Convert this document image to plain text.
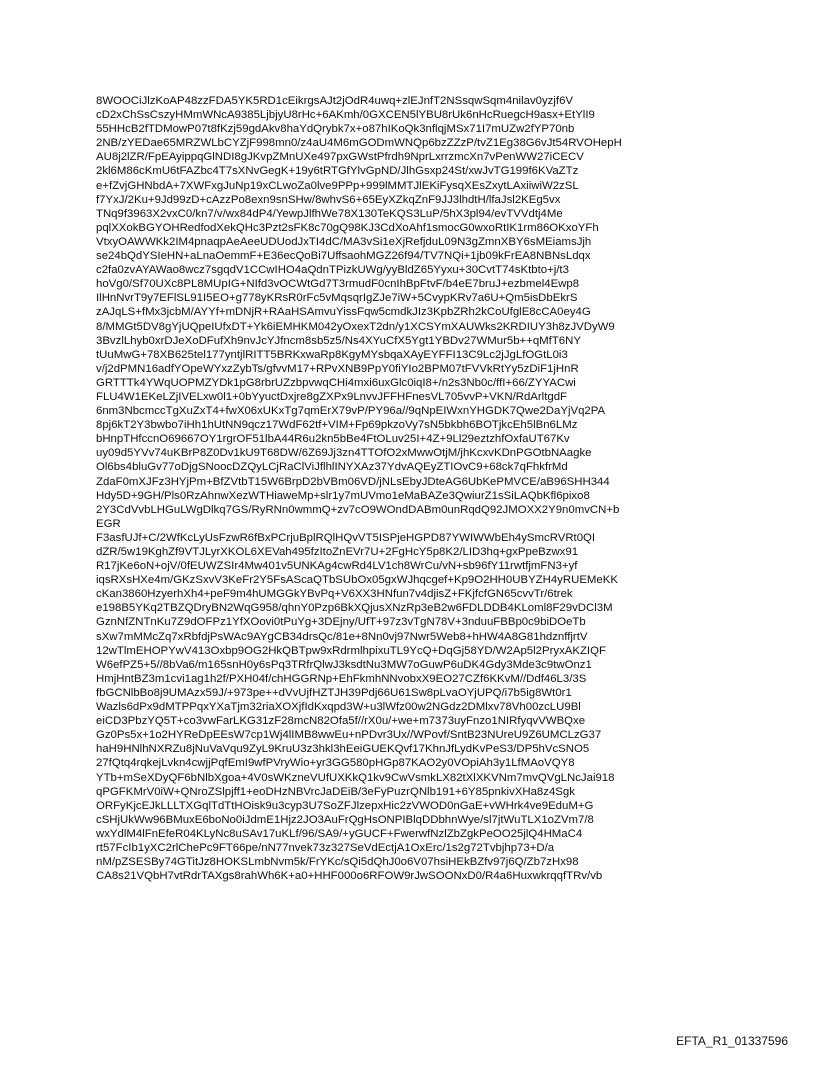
8WOOCiJlzKoAP48zzFDA5YK5RD1cEikrgsAJt2jOdR4uwq+zlEJnfT2NSsqwSqm4nilav0yzjf6V
cD2xChSsCszyHMmWNcA9385LjbjyU8rHc+6AKmh/0GXCEN5lYBU8rUk6nHcRuegcH9asx+EtYlI9
55HHcB2fTDMowP07t8fKzj59gdAkv8haYdQrybk7x+o87hIKoQk3nflqjMSx71I7mUZw2fYP70nb
2NB/zYEDae65MRZWLbCYZjF998mn0/z4aU4M6mGODmWNQp6bzZZzP/tvZ1Eg38G6vJt54RVOHepH
AU8j2lZR/FpEAyippqGlNDI8gJKvpZMnUXe497pxGWstPfrdh9NprLxrrzmcXn7vPenWW27iCECV
2kl6M86cKmU6tFAZbc4T7sXNvGegK+19y6tRTGfYlvGpND/JlhGsxp24St/xwJvTG199f6KVaZTz
e+fZvjGHNbdA+7XWFxgJuNp19xCLwoZa0lve9PPp+999lMMTJlEKiFysqXEsZxytLAxiiwiW2zSL
f7YxJ/2Ku+9Jd99zD+cAzzPo8exn9snSHw/8whvS6+65EyXZkqZnF9JJ3lhdtH/lfaJsl2KEg5vx
TNq9f3963X2vxC0/kn7/v/wx84dP4/YewpJlfhWe78X130TeKQS3LuP/5hX3pl94/evTVVdtj4Me
pqlXXokBGYOHRedfodXekQHc3Pzt2sFK8c70gQ98KJ3CdXoAhf1smocG0wxoRtIK1rm86OKxoYFh
VtxyOAWWKk2IM4pnaqpAeAeeUDUodJxTI4dC/MA3vSi1eXjRefjduL09N3gZmnXBY6sMEiamsJjh
se24bQdYSIeHN+aLnaOemmF+E36ecQoBi7UffsaohMGZ26f94/TV7NQi+1jb09kFrEA8NBNsLdqx
c2fa0zvAYAWao8wcz7sgqdV1CCwIHO4aQdnTPizkUWg/yyBldZ65Yyxu+30CvtT74sKtbto+j/t3
hoVg0/Sf70UXc8PL8MUpIG+NIfd3vOCWtGd7T3rmudF0cnIhBpFtvF/b4eE7bruJ+ezbmel4Ewp8
IlHnNvrT9y7EFlSL91I5EO+g778yKRsR0rFc5vMqsqrIgZJe7iW+5CvypKRv7a6U+Qm5isDbEkrS
zAJqLS+fMx3jcbM/AYYf+mDNjR+RAaHSAmvuYissFqw5cmdkJIz3KpbZRh2kCoUfglE8cCA0ey4G
8/MMGt5DV8gYjUQpeIUfxDT+Yk6iEMHKM042yOxexT2dn/y1XCSYmXAUWks2KRDIUY3h8zJVDyW9
3BvzlLhyb0xrDJeXoDFufXh9nvJcYJfncm8sb5z5/Ns4XYuCfX5Ygt1YBDv27WMur5b++qMfT6NY
tUuMwG+78XB625tel177yntjlRITT5BRKxwaRp8KgyMYsbqaXAyEYFFI13C9Lc2jJgLfOGtL0i3
v/j2dPMN16adfYOpeWYxzZybTs/gfvvM17+RPvXNB9PpY0fiYIo2BPM07tFVVkRtYy5zDiF1jHnR
GRTTTk4YWqUOPMZYDk1pG8rbrUZzbpvwqCHi4mxi6uxGlc0iqI8+/n2s3Nb0c/ffI+66/ZYYACwi
FLU4W1EKeLZjIVELxw0l1+0bYyuctDxjre8gZXPx9LnvvJFFHFnesVL705vvP+VKN/RdArltgdF
6nm3NbcmccTgXuZxT4+fwX06xUKxTg7qmErX79vP/PY96a//9qNpEIWxnYHGDK7Qwe2DaYjVq2PA
8pj6kT2Y3bwbo7iHh1hUtNN9qcz17WdF62tf+VIM+Fp69pkzoVy7sN5bkbh6BOTjkcEh5lBn6LMz
bHnpTHfccnO69667OY1rgrOF51lbA44R6u2kn5bBe4FtOLuv25I+4Z+9Ll29eztzhfOxfaUT67Kv
uy09d5YVv74uKBrP8Z0Dv1kU9T68DW/6Z69Jj3zn4TTOfO2xMwwOtjM/jhKcxvKDnPGOtbNAagke
Ol6bs4bluGv77oDjgSNoocDZQyLCjRaClViJflhlINYXAz37YdvAQEyZTIOvC9+68ck7qFhkfrMd
ZdaF0mXJFz3HYjPm+BfZVtbT15W6BrpD2bVBm06VD/jNLsEbyJDteAG6UbKePMVCE/aB96SHH344
Hdy5D+9GH/Pls0RzAhnwXezWTHiaweMp+slr1y7mUVmo1eMaBAZe3QwiurZ1sSiLAQbKfl6pixo8
2Y3CdVvbLHGuLWgDlkq7GS/RyRNn0wmmQ+zv7cO9WOndDABm0unRqdQ92JMOXX2Y9n0mvCN+b
EGR
F3asfUJf+C/2WfKcLyUsFzwR6fBxPCrjuBplRQlHQvVT5ISPjeHGPD87YWIWWbEh4ySmcRVRt0QI
dZR/5w19KghZf9VTJLyrXKOL6XEVah495fzItoZnEVr7U+2FgHcY5p8K2/LID3hq+gxPpeBzwx91
R17jKe6oN+ojV/0fEUWZSIr4Mw401v5UNKAg4cwRd4LV1ch8WrCu/vN+sb96fY11rwtfjmFN3+yf
iqsRXsHXe4m/GKzSxvV3KeFr2Y5FsAScaQTbSUbOx05gxWJhqcgef+Kp9O2HH0UBYZH4yRUEMeKK
cKan3860HzyerhXh4+peF9m4hUMGGkYBvPq+V6XX3HNfun7v4djisZ+FKjfcfGN65cvvTr/6trek
e198B5YKq2TBZQDryBN2WqG958/qhnY0Pzp6BkXQjusXNzRp3eB2w6FDLDDB4KLoml8F29vDCl3M
GznNfZNTnKu7Z9dOFPz1YfXOovi0tPuYg+3DEjny/UfT+97z3vTgN78V+3nduuFBBp0c9biDOeTb
sXw7mMMcZq7xRbfdjPsWAc9AYgCB34drsQc/81e+8Nn0vj97Nwr5Web8+hHW4A8G81hdznffjrtV
12wTlmEHOPYwV413Oxbp9OG2HkQBTpw9xRdrmlhpixuTL9YcQ+DqGj58YD/W2Ap5l2PryxAKZIQF
W6efPZ5+5//8bVa6/m165snH0y6sPq3TRfrQlwJ3ksdtNu3MW7oGuwP6uDK4Gdy3Mde3c9twOnz1
HmjHntBZ3m1cvi1ag1h2f/PXH04f/chHGGRNp+EhFkmhNNvobxX9EO27CZf6KKvM//Ddf46L3/3S
fbGCNlbBo8j9UMAzx59J/+973pe++dVvUjfHZTJH39Pdj66U61Sw8pLvaOYjUPQ/i7b5ig8Wt0r1
Wazls6dPx9dMTPPqxYXaTjm32riaXOXjfIdKxqpd3W+u3lWfz00w2NGdz2DMlxv78Vh00zcLU9Bl
eiCD3PbzYQ5T+co3vwFarLKG31zF28mcN82Ofa5f//rX0u/+we+m7373uyFnzo1NIRfyqvVWBQxe
Gz0Ps5x+1o2HYReDpEEsW7cp1Wj4lIMB8wwEu+nPDvr3Ux//WPovf/SntB23NUreU9Z6UMCLzG37
haH9HNlhNXRZu8jNuVaVqu9ZyL9KruU3z3hkl3hEeiGUEKQvf17KhnJfLydKvPeS3/DP5hVcSNO5
27fQtq4rqkejLvkn4cwjjPqfEmI9wfPVryWio+yr3GG580pHGp87KAO2y0VOpiAh3y1LfMAoVQY8
YTb+mSeXDyQF6bNlbXgoa+4V0sWKzneVUfUXKkQ1kv9CwVsmkLX82tXlXKVNm7mvQVgLNcJai918
qPGFKMrV0iW+QNroZSlpjff1+eoDHzNBVrcJaDEiB/3eFyPuzrQNlb191+6Y85pnkivXHa8z4Sgk
ORFyKjcEJkLLLTXGqlTdTtHOisk9u3cyp3U7SoZFJlzepxHic2zVWOD0nGaE+vWHrk4ve9EduM+G
cSHjUkWw96BMuxE6boNo0iJdmE1Hjz2JO3AuFrQgHsONPIBlqDDbhnWye/sl7jtWuTLX1oZVm7/8
wxYdlM4lFnEfeR04KLyNc8uSAv17uKLf/96/SA9/+yGUCF+FwerwfNzlZbZgkPeOO25jlQ4HMaC4
rt57FcIb1yXC2rlChePc9FT66pe/nN77nvek73z327SeVdEctjA1OxErc/1s2g72Tvbjhp73+D/a
nM/pZSESBy74GTitJz8HOKSLmbNvm5k/FrYKc/sQi5dQhJ0o6V07hsiHEkBZfv97j6Q/Zb7zHx98
CA8s21VQbH7vtRdrTAXgs8rahWh6K+a0+HHF000o6RFOW9rJwSOONxD0/R4a6HuxwkrqqfTRv/vb
EFTA_R1_01337596
